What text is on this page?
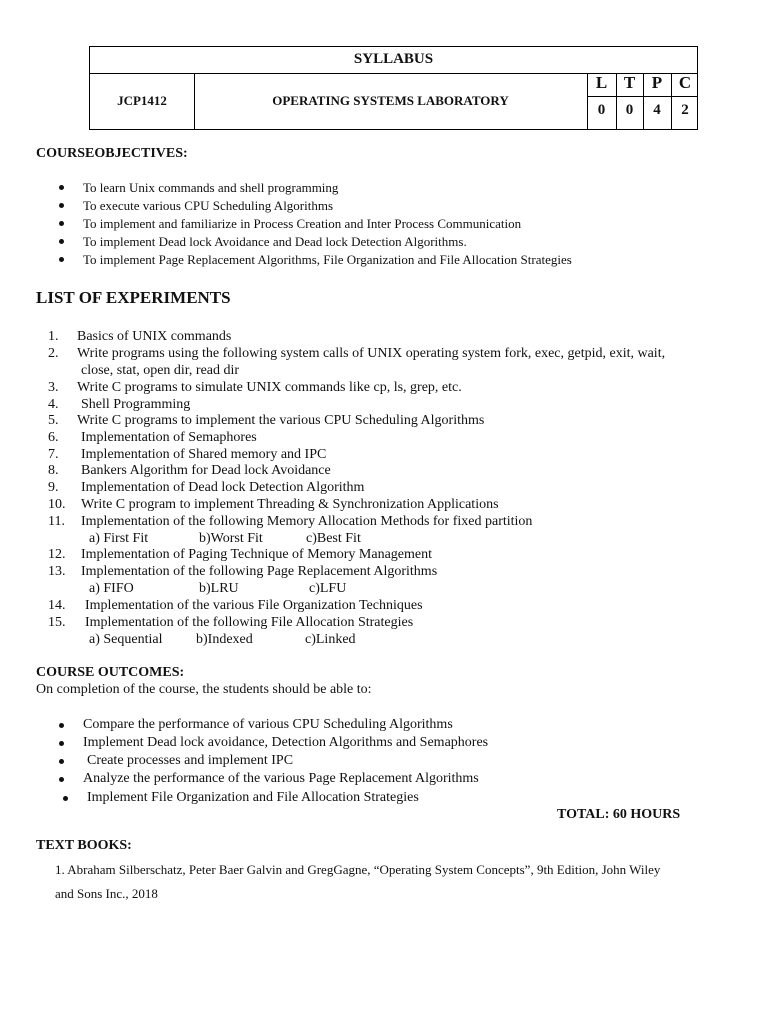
SYLLABUS
JCP1412	OPERATING SYSTEMS LABORATORY
L T P C
0	0	4	2
COURSEOBJECTIVES:
To learn Unix commands and shell programming
To execute various CPU Scheduling Algorithms
To implement and familiarize in Process Creation and Inter Process Communication
To implement Dead lock Avoidance and Dead lock Detection Algorithms.
To implement Page Replacement Algorithms, File Organization and File Allocation Strategies
LIST OF EXPERIMENTS
1. Basics of UNIX commands
2. Write programs using the following system calls of UNIX operating system fork, exec, getpid, exit, wait,
close, stat, open dir, read dir
3. Write C programs to simulate UNIX commands like cp, ls, grep, etc.
4. Shell Programming
5. Write C programs to implement the various CPU Scheduling Algorithms
6. Implementation of Semaphores
7. Implementation of Shared memory and IPC
8. Bankers Algorithm for Dead lock Avoidance
9. Implementation of Dead lock Detection Algorithm
10. Write C program to implement Threading & Synchronization Applications
11. Implementation of the following Memory Allocation Methods for fixed partition
a) First Fit	b)Worst Fit	c)Best Fit
12. Implementation of Paging Technique of Memory Management
13. Implementation of the following Page Replacement Algorithms
a) FIFO	b)LRU	c)LFU
14. Implementation of the various File Organization Techniques
15. Implementation of the following File Allocation Strategies
a) Sequential b)Indexed	c)Linked
COURSE OUTCOMES:
On completion of the course, the students should be able to:
Compare the performance of various CPU Scheduling Algorithms
Implement Dead lock avoidance, Detection Algorithms and Semaphores
Create processes and implement IPC
Analyze the performance of the various Page Replacement Algorithms
Implement File Organization and File Allocation Strategies
TOTAL: 60 HOURS
TEXT BOOKS:
1. Abraham Silberschatz, Peter Baer Galvin and GregGagne, “Operating System Concepts”, 9th Edition, John Wiley
and Sons Inc., 2018
